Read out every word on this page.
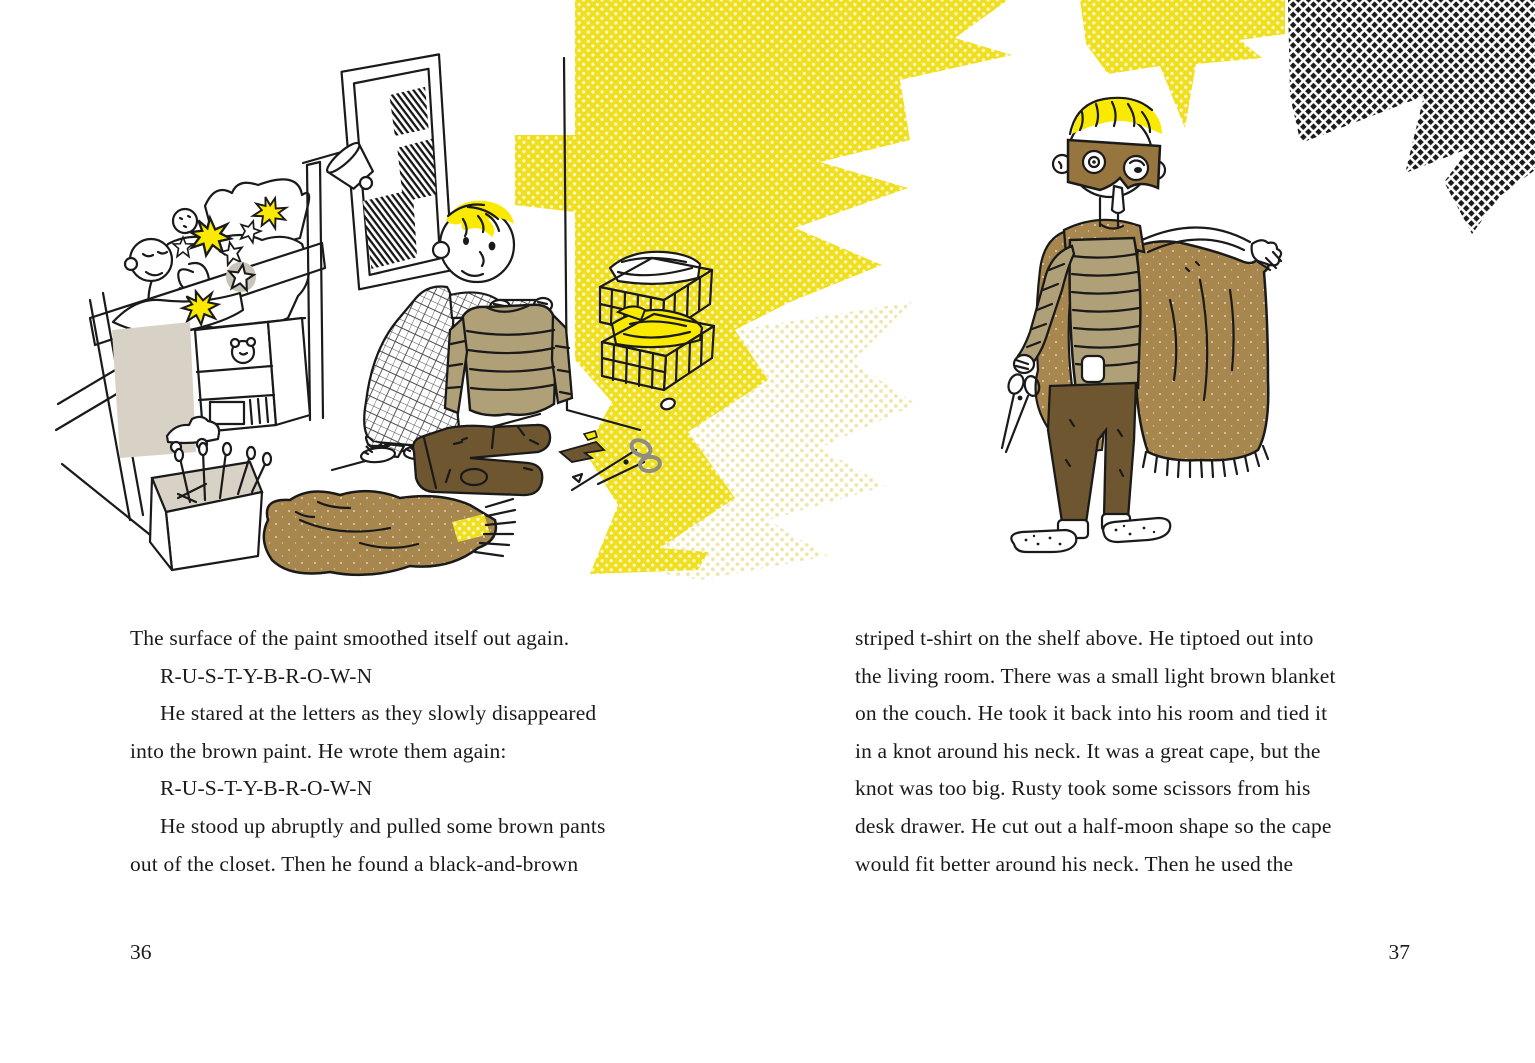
The surface of the paint smoothed itself out again.

R-U-S-T-Y-B-R-O-W-N

He stared at the letters as they slowly disappeared

into the brown paint. He wrote them again:

R-U-S-T-Y-B-R-O-W-N

He stood up abruptly and pulled some brown pants

out of the closet. Then he found a black-and-brown

36

striped t-shirt on the shelf above. He tiptoed out into

the living room. There was a small light brown blanket

on the couch. He took it back into his room and tied it

in a knot around his neck. It was a great cape, but the

knot was too big. Rusty took some scissors from his

desk drawer. He cut out a half-moon shape so the cape

would fit better around his neck. Then he used the

37
